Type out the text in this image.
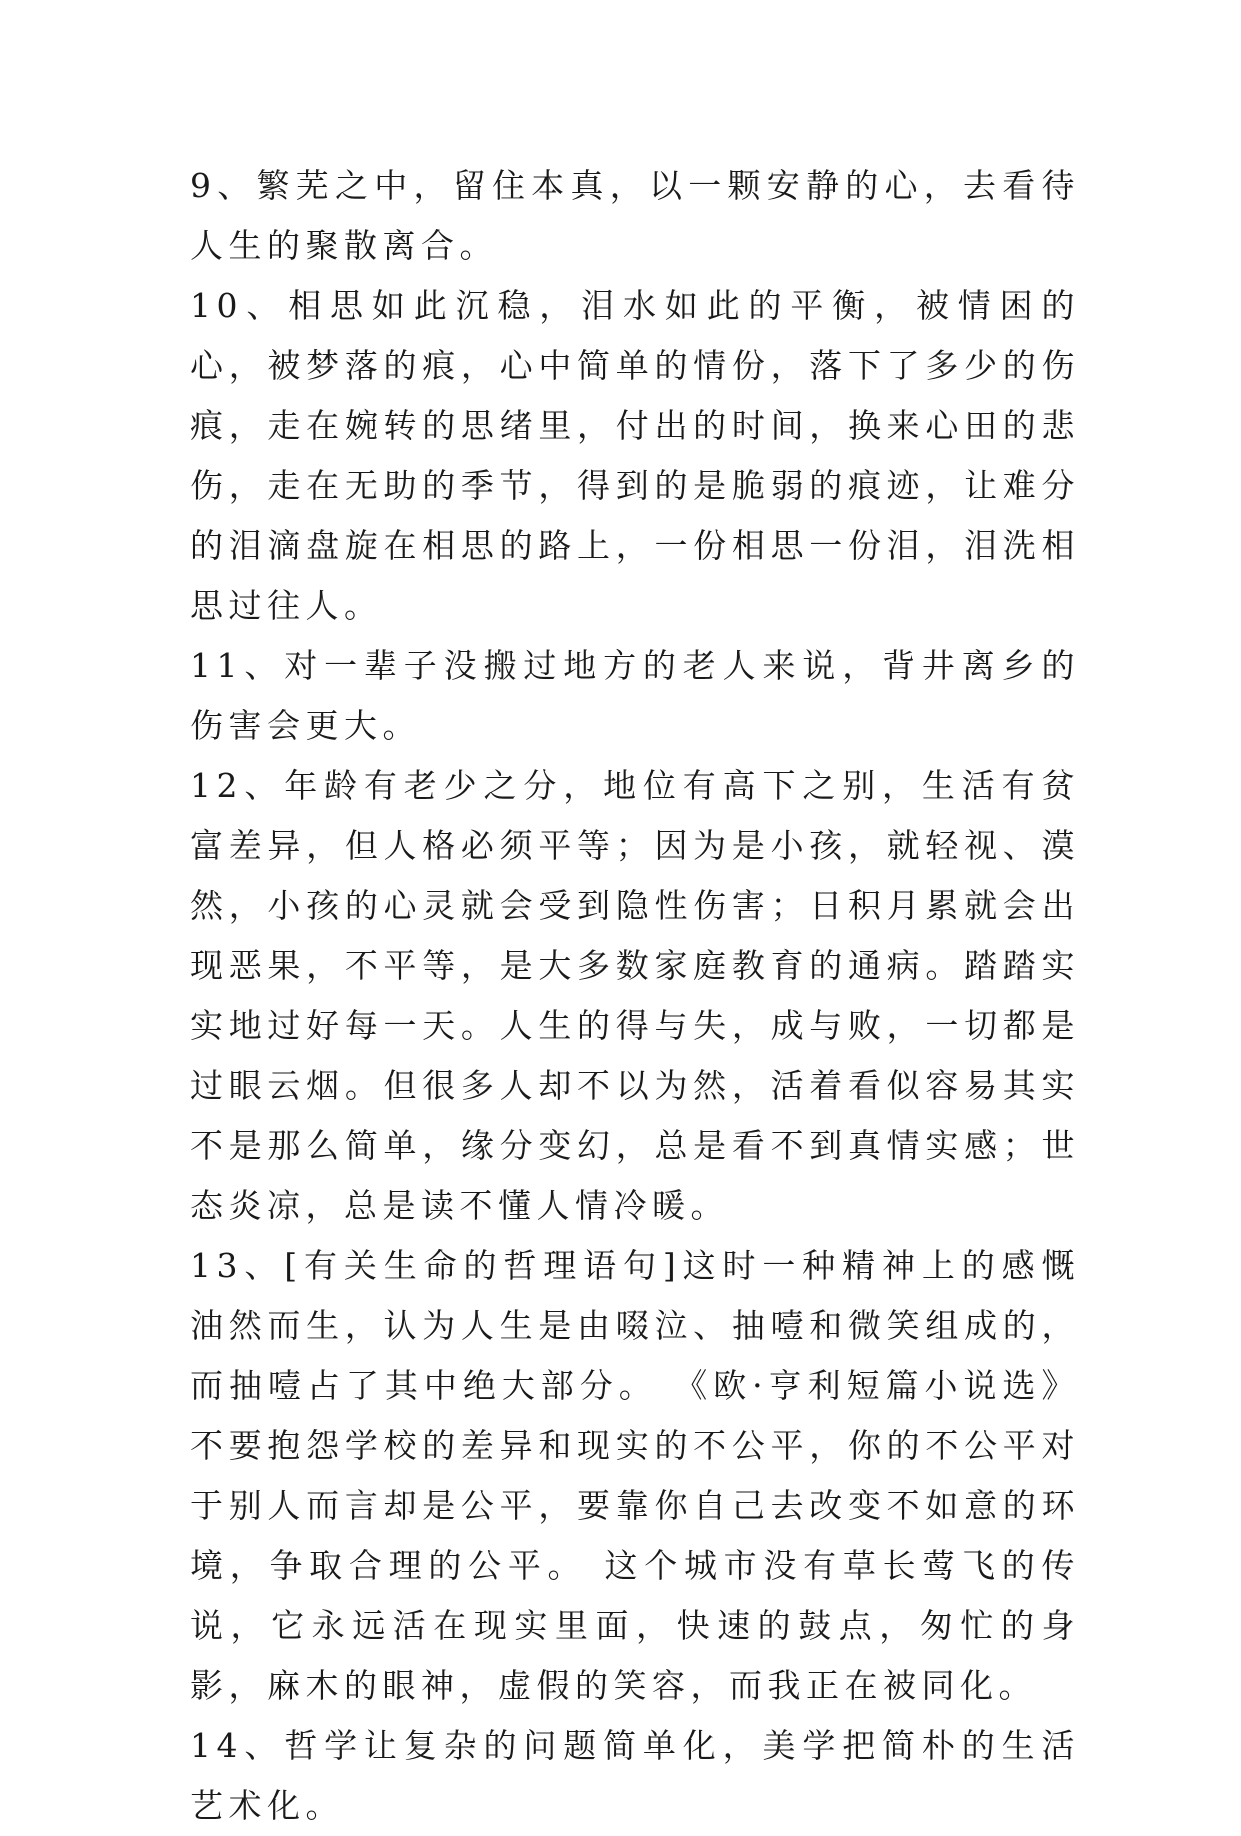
9、繁芜之中，留住本真，以一颗安静的心，去看待人生的聚散离合。

10、相思如此沉稳，泪水如此的平衡，被情困的心，被梦落的痕，心中简单的情份，落下了多少的伤痕，走在婉转的思绪里，付出的时间，换来心田的悲伤，走在无助的季节，得到的是脆弱的痕迹，让难分的泪滴盘旋在相思的路上，一份相思一份泪，泪洗相思过往人。

11、对一辈子没搬过地方的老人来说，背井离乡的伤害会更大。

12、年龄有老少之分，地位有高下之别，生活有贫富差异，但人格必须平等；因为是小孩，就轻视、漠然，小孩的心灵就会受到隐性伤害；日积月累就会出现恶果，不平等，是大多数家庭教育的通病。踏踏实实地过好每一天。人生的得与失，成与败，一切都是过眼云烟。但很多人却不以为然，活着看似容易其实不是那么简单，缘分变幻，总是看不到真情实感；世态炎凉，总是读不懂人情冷暖。

13、[有关生命的哲理语句]这时一种精神上的感慨油然而生，认为人生是由啜泣、抽噎和微笑组成的，而抽噎占了其中绝大部分。 《欧·亨利短篇小说选》 不要抱怨学校的差异和现实的不公平，你的不公平对于别人而言却是公平，要靠你自己去改变不如意的环境，争取合理的公平。 这个城市没有草长莺飞的传说，它永远活在现实里面，快速的鼓点，匆忙的身影，麻木的眼神，虚假的笑容，而我正在被同化。

14、哲学让复杂的问题简单化，美学把简朴的生活艺术化。
